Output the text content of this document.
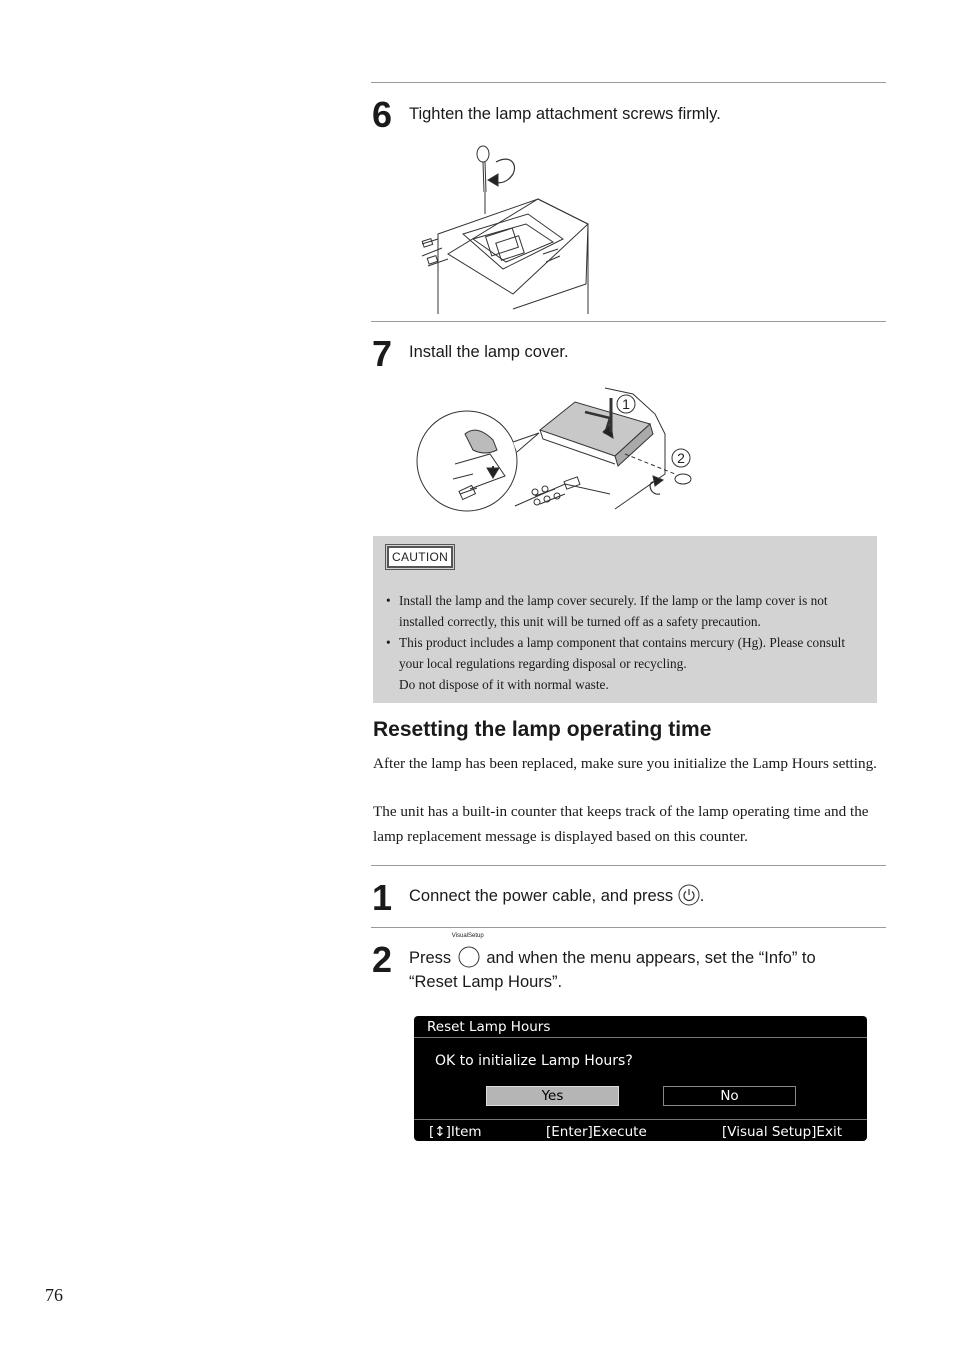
6 Tighten the lamp attachment screws firmly.
7 Install the lamp cover.
1
2
CAUTION
• Install the lamp and the lamp cover securely. If the lamp or the lamp cover is not installed correctly, this unit will be turned off as a safety precaution.
• This product includes a lamp component that contains mercury (Hg). Please consult your local regulations regarding disposal or recycling.
Do not dispose of it with normal waste.
Resetting the lamp operating time

After the lamp has been replaced, make sure you initialize the Lamp Hours setting.

The unit has a built-in counter that keeps track of the lamp operating time and the lamp replacement message is displayed based on this counter.

1 Connect the power cable, and press .
2 Press
VisualSetup
and when the menu appears, set the “Info” to “Reset Lamp Hours”.
Reset Lamp Hours
OK to initialize Lamp Hours?
Yes	No
[↕]Item	[Enter]Execute	[Visual Setup]Exit
76
